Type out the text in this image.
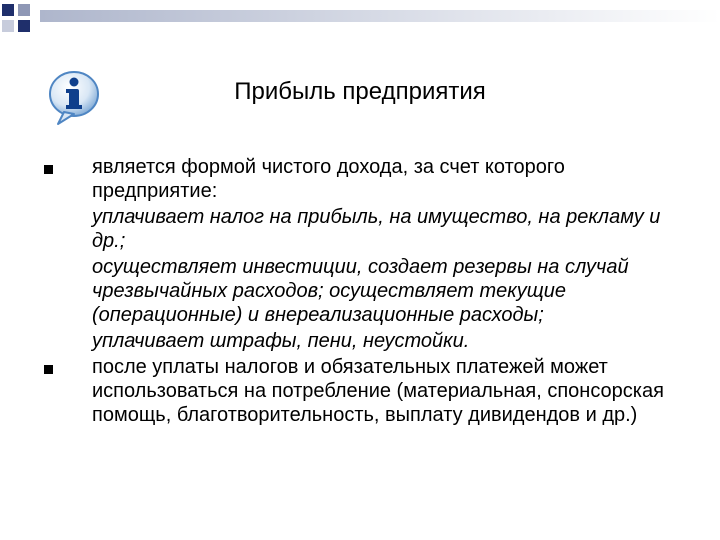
Прибыль предприятия

является формой чистого дохода, за счет которого предприятие:

уплачивает налог на прибыль, на имущество, на рекламу и др.;

осуществляет инвестиции, создает резервы на случай чрезвычайных расходов; осуществляет текущие (операционные) и внереализационные расходы;

уплачивает штрафы, пени, неустойки.

после уплаты налогов и обязательных платежей может использоваться на потребление (материальная, спонсорская помощь, благотворительность, выплату дивидендов и др.)
